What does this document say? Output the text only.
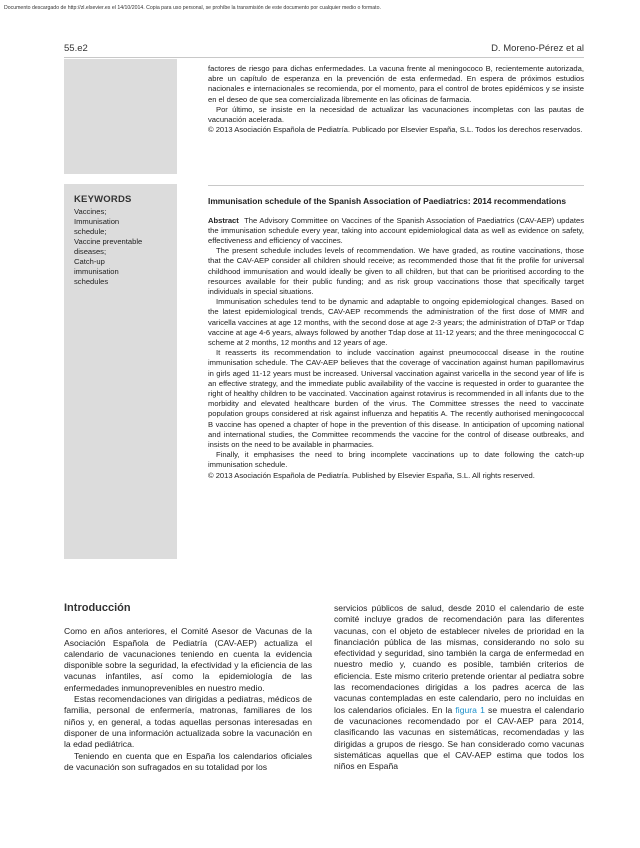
Documento descargado de http://zl.elsevier.es el 14/10/2014. Copia para uso personal, se prohíbe la transmisión de este documento por cualquier medio o formato.
55.e2	D. Moreno-Pérez et al

factores de riesgo para dichas enfermedades. La vacuna frente al meningococo B, recientemente autorizada, abre un capítulo de esperanza en la prevención de esta enfermedad. En espera de próximos estudios nacionales e internacionales se recomienda, por el momento, para el control de brotes epidémicos y se insiste en el deseo de que sea comercializada libremente en las oficinas de farmacia.

Por último, se insiste en la necesidad de actualizar las vacunaciones incompletas con las pautas de vacunación acelerada.

© 2013 Asociación Española de Pediatría. Publicado por Elsevier España, S.L. Todos los derechos reservados.

KEYWORDS
Vaccines;
Immunisation
schedule;
Vaccine preventable
diseases;
Catch-up
immunisation
schedules
Immunisation schedule of the Spanish Association of Paediatrics: 2014 recommendations

Abstract The Advisory Committee on Vaccines of the Spanish Association of Paediatrics (CAV-AEP) updates the immunisation schedule every year, taking into account epidemiological data as well as evidence on safety, effectiveness and efficiency of vaccines.

The present schedule includes levels of recommendation. We have graded, as routine vaccinations, those that the CAV-AEP consider all children should receive; as recommended those that fit the profile for universal childhood immunisation and would ideally be given to all children, but that can be prioritised according to the resources available for their public funding; and as risk group vaccinations those that specifically target individuals in special situations.

Immunisation schedules tend to be dynamic and adaptable to ongoing epidemiological changes. Based on the latest epidemiological trends, CAV-AEP recommends the administration of the first dose of MMR and varicella vaccines at age 12 months, with the second dose at age 2-3 years; the administration of DTaP or Tdap vaccine at age 4-6 years, always followed by another Tdap dose at 11-12 years; and the three meningococcal C scheme at 2 months, 12 months and 12 years of age.

It reasserts its recommendation to include vaccination against pneumococcal disease in the routine immunisation schedule. The CAV-AEP believes that the coverage of vaccination against human papillomavirus in girls aged 11-12 years must be increased. Universal vaccination against varicella in the second year of life is an effective strategy, and the immediate public availability of the vaccine is requested in order to guarantee the right of healthy children to be vaccinated. Vaccination against rotavirus is recommended in all infants due to the morbidity and elevated healthcare burden of the virus. The Committee stresses the need to vaccinate population groups considered at risk against influenza and hepatitis A. The recently authorised meningococcal B vaccine has opened a chapter of hope in the prevention of this disease. In anticipation of upcoming national and international studies, the Committee recommends the vaccine for the control of disease outbreaks, and insists on the need to be available in pharmacies.

Finally, it emphasises the need to bring incomplete vaccinations up to date following the catch-up immunisation schedule.

© 2013 Asociación Española de Pediatría. Published by Elsevier España, S.L. All rights reserved.

Introducción

Como en años anteriores, el Comité Asesor de Vacunas de la Asociación Española de Pediatría (CAV-AEP) actualiza el calendario de vacunaciones teniendo en cuenta la evidencia disponible sobre la seguridad, la efectividad y la eficiencia de las vacunas infantiles, así como la epidemiología de las enfermedades inmunoprevenibles en nuestro medio.

Estas recomendaciones van dirigidas a pediatras, médicos de familia, personal de enfermería, matronas, familiares de los niños y, en general, a todas aquellas personas interesadas en disponer de una información actualizada sobre la vacunación en la edad pediátrica.

Teniendo en cuenta que en España los calendarios oficiales de vacunación son sufragados en su totalidad por los

servicios públicos de salud, desde 2010 el calendario de este comité incluye grados de recomendación para las diferentes vacunas, con el objeto de establecer niveles de prioridad en la financiación pública de las mismas, considerando no solo su efectividad y seguridad, sino también la carga de enfermedad en nuestro medio y, cuando es posible, también criterios de eficiencia. Este mismo criterio pretende orientar al pediatra sobre las recomendaciones dirigidas a los padres acerca de las vacunas contempladas en este calendario, pero no incluidas en los calendarios oficiales. En la figura 1 se muestra el calendario de vacunaciones recomendado por el CAV-AEP para 2014, clasificando las vacunas en sistemáticas, recomendadas y las dirigidas a grupos de riesgo. Se han considerado como vacunas sistemáticas aquellas que el CAV-AEP estima que todos los niños en España
